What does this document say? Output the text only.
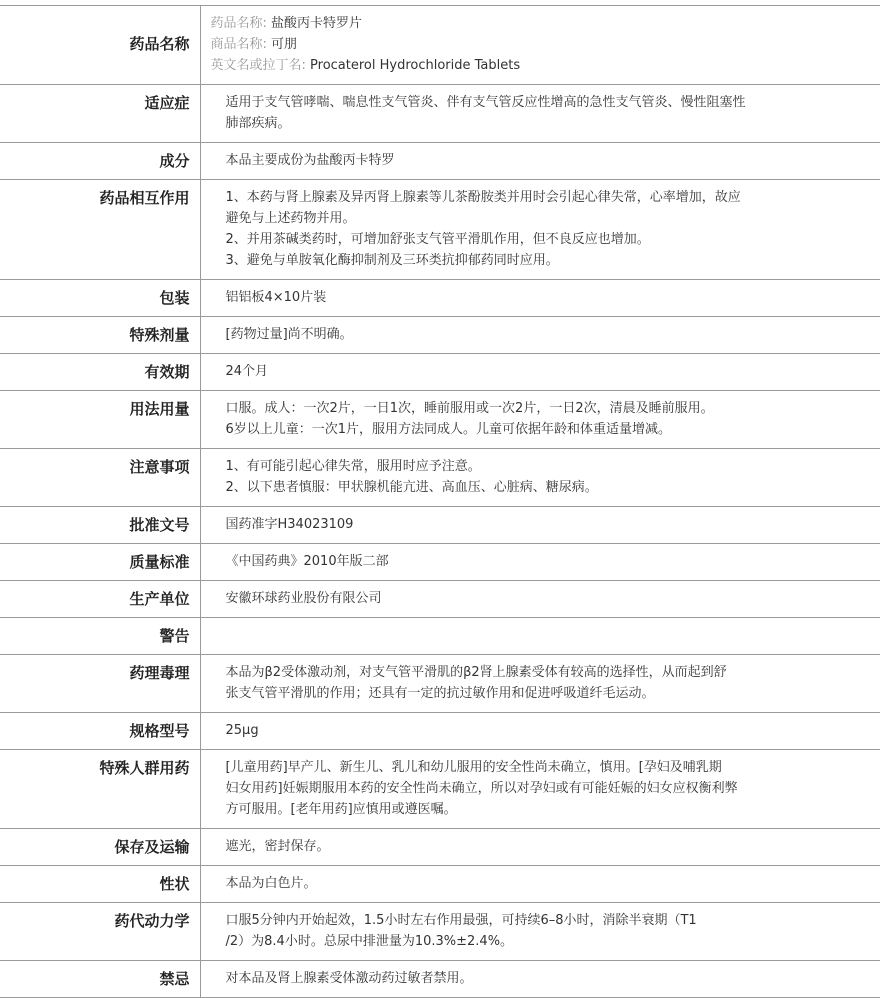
药品名称	药品名称: 盐酸丙卡特罗片
商品名称: 可朋
英文名或拉丁名: Procaterol Hydrochloride Tablets

适应症	适用于支气管哮喘、喘息性支气管炎、伴有支气管反应性增高的急性支气管炎、慢性阻塞性
肺部疾病。

成分	本品主要成份为盐酸丙卡特罗

药品相互作用	1、本药与肾上腺素及异丙肾上腺素等儿茶酚胺类并用时会引起心律失常，心率增加，故应
避免与上述药物并用。
2、并用茶碱类药时，可增加舒张支气管平滑肌作用，但不良反应也增加。
3、避免与单胺氧化酶抑制剂及三环类抗抑郁药同时应用。

包装	铝铝板4×10片装

特殊剂量	[药物过量]尚不明确。

有效期	24个月

用法用量	口服。成人：一次2片，一日1次，睡前服用或一次2片，一日2次，清晨及睡前服用。
6岁以上儿童：一次1片，服用方法同成人。儿童可依据年龄和体重适量增减。

注意事项	1、有可能引起心律失常，服用时应予注意。
2、以下患者慎服：甲状腺机能亢进、高血压、心脏病、糖尿病。

批准文号	国药准字H34023109

质量标准	《中国药典》2010年版二部

生产单位	安徽环球药业股份有限公司

警告	

药理毒理	本品为β2受体激动剂，对支气管平滑肌的β2肾上腺素受体有较高的选择性，从而起到舒
张支气管平滑肌的作用；还具有一定的抗过敏作用和促进呼吸道纤毛运动。

规格型号	25μg

特殊人群用药	[儿童用药]早产儿、新生儿、乳儿和幼儿服用的安全性尚未确立，慎用。[孕妇及哺乳期
妇女用药]妊娠期服用本药的安全性尚未确立，所以对孕妇或有可能妊娠的妇女应权衡利弊
方可服用。[老年用药]应慎用或遵医嘱。

保存及运输	遮光，密封保存。

性状	本品为白色片。

药代动力学	口服5分钟内开始起效，1.5小时左右作用最强，可持续6–8小时，消除半衰期（T1
/2）为8.4小时。总尿中排泄量为10.3%±2.4%。

禁忌	对本品及肾上腺素受体激动药过敏者禁用。
